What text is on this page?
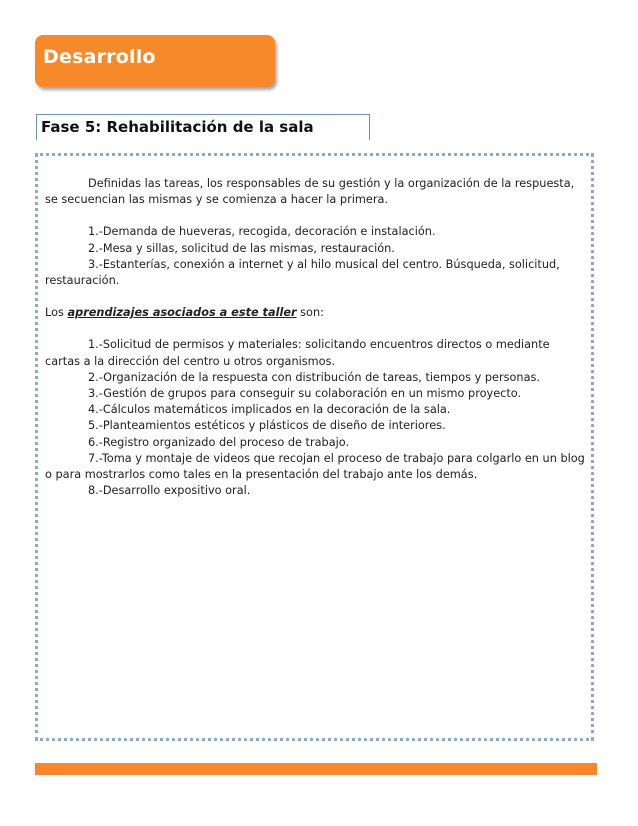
Desarrollo
Fase 5: Rehabilitación de la sala

Definidas las tareas, los responsables de su gestión y la organización de la respuesta, se secuencian las mismas y se comienza a hacer la primera.

1.-Demanda de hueveras, recogida, decoración e instalación.

2.-Mesa y sillas, solicitud de las mismas, restauración.

3.-Estanterías, conexión a internet y al hilo musical del centro. Búsqueda, solicitud, restauración.

Los aprendizajes asociados a este taller son:

1.-Solicitud de permisos y materiales: solicitando encuentros directos o mediante cartas a la dirección del centro u otros organismos.

2.-Organización de la respuesta con distribución de tareas, tiempos y personas.

3.-Gestión de grupos para conseguir su colaboración en un mismo proyecto.

4.-Cálculos matemáticos implicados en la decoración de la sala.

5.-Planteamientos estéticos y plásticos de diseño de interiores.

6.-Registro organizado del proceso de trabajo.

7.-Toma y montaje de videos que recojan el proceso de trabajo para colgarlo en un blog o para mostrarlos como tales en la presentación del trabajo ante los demás.

8.-Desarrollo expositivo oral.
